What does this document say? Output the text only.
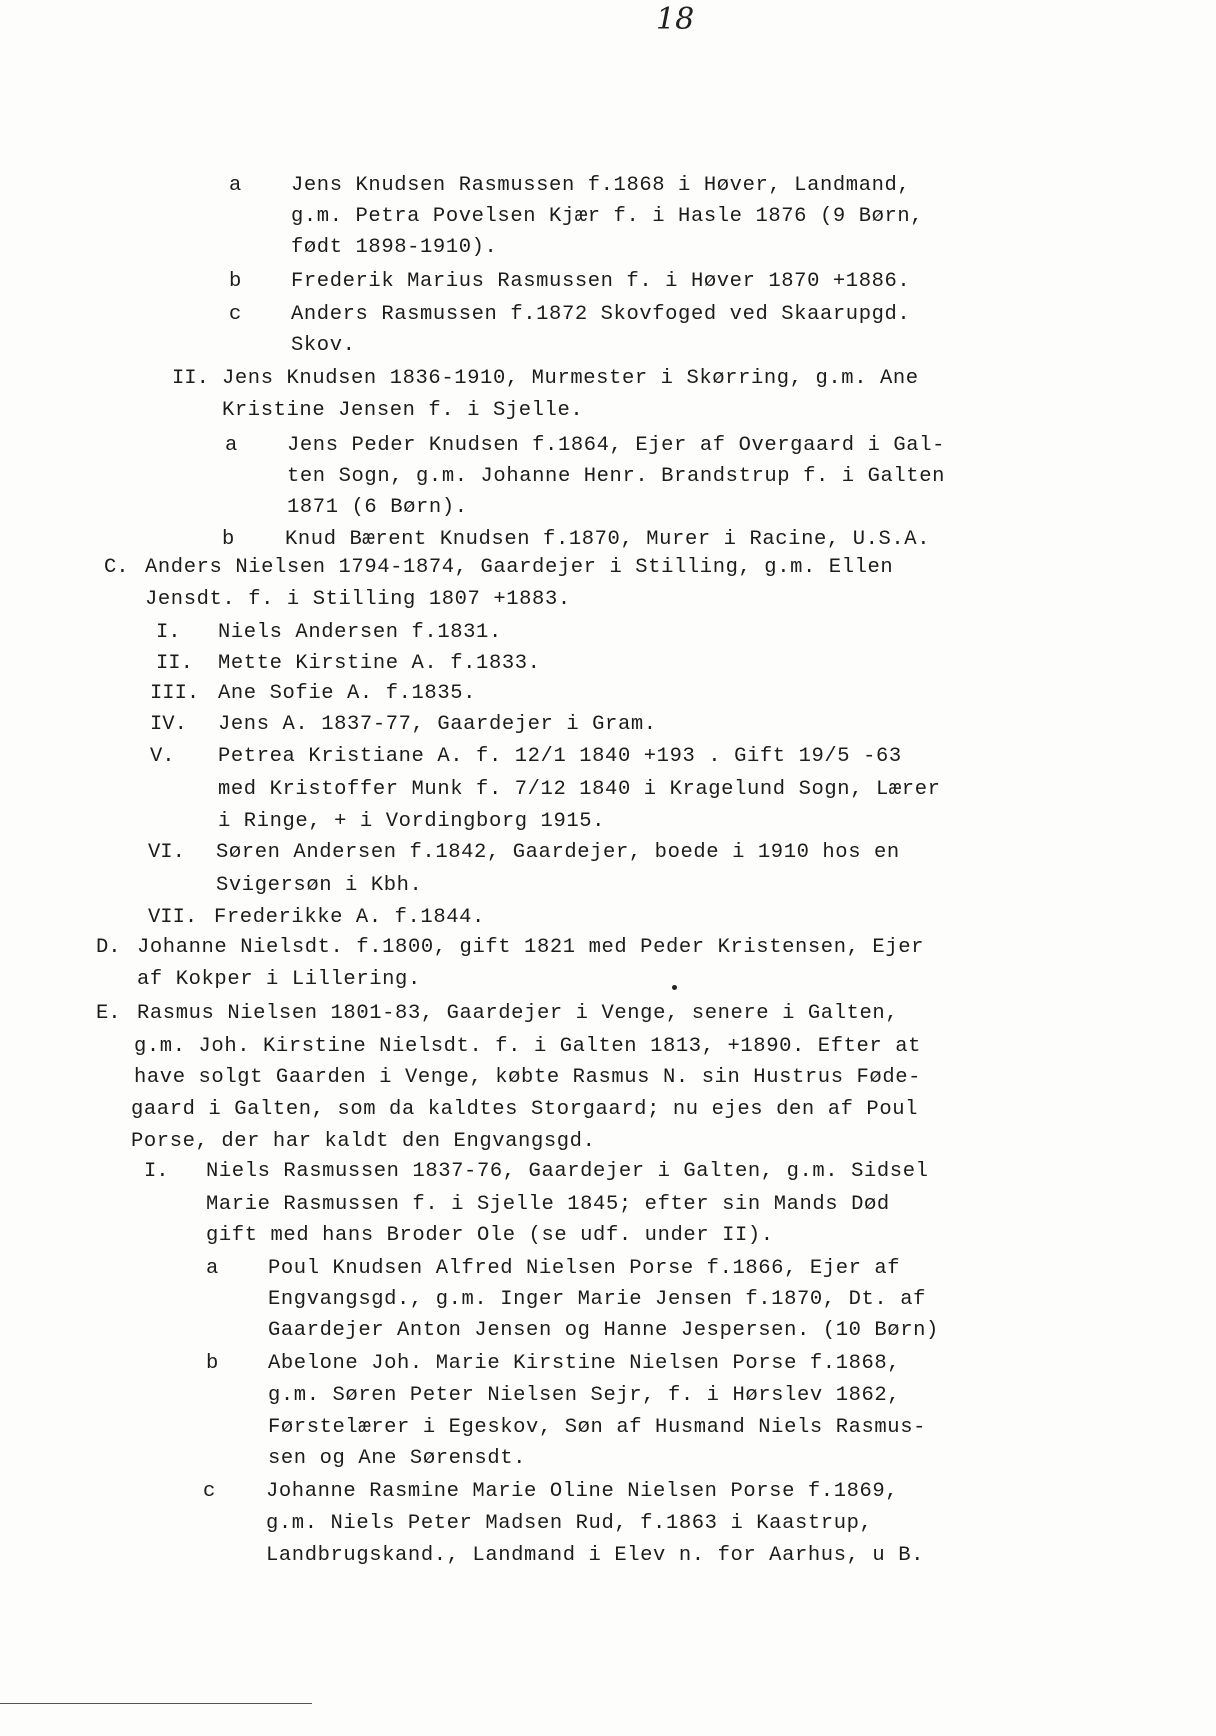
18
a Jens Knudsen Rasmussen f.1868 i Høver, Landmand,
g.m. Petra Povelsen Kjær f. i Hasle 1876 (9 Børn,
født 1898-1910).
b Frederik Marius Rasmussen f. i Høver 1870 +1886.
c Anders Rasmussen f.1872 Skovfoged ved Skaarupgd.
Skov.
II. Jens Knudsen 1836-1910, Murmester i Skørring, g.m. Ane
Kristine Jensen f. i Sjelle.
a Jens Peder Knudsen f.1864, Ejer af Overgaard i Gal-
ten Sogn, g.m. Johanne Henr. Brandstrup f. i Galten
1871 (6 Børn).
b Knud Bærent Knudsen f.1870, Murer i Racine, U.S.A.
C. Anders Nielsen 1794-1874, Gaardejer i Stilling, g.m. Ellen
Jensdt. f. i Stilling 1807 +1883.
I. Niels Andersen f.1831.
II. Mette Kirstine A. f.1833.
III. Ane Sofie A. f.1835.
IV. Jens A. 1837-77, Gaardejer i Gram.
V. Petrea Kristiane A. f. 12/1 1840 +193 . Gift 19/5 -63
med Kristoffer Munk f. 7/12 1840 i Kragelund Sogn, Lærer
i Ringe, + i Vordingborg 1915.
VI. Søren Andersen f.1842, Gaardejer, boede i 1910 hos en
Svigersøn i Kbh.
VII. Frederikke A. f.1844.
D. Johanne Nielsdt. f.1800, gift 1821 med Peder Kristensen, Ejer
af Kokper i Lillering.
E. Rasmus Nielsen 1801-83, Gaardejer i Venge, senere i Galten,
g.m. Joh. Kirstine Nielsdt. f. i Galten 1813, +1890. Efter at
have solgt Gaarden i Venge, købte Rasmus N. sin Hustrus Føde-
gaard i Galten, som da kaldtes Storgaard; nu ejes den af Poul
Porse, der har kaldt den Engvangsgd.
I. Niels Rasmussen 1837-76, Gaardejer i Galten, g.m. Sidsel
Marie Rasmussen f. i Sjelle 1845; efter sin Mands Død
gift med hans Broder Ole (se udf. under II).
a Poul Knudsen Alfred Nielsen Porse f.1866, Ejer af
Engvangsgd., g.m. Inger Marie Jensen f.1870, Dt. af
Gaardejer Anton Jensen og Hanne Jespersen. (10 Børn)
b Abelone Joh. Marie Kirstine Nielsen Porse f.1868,
g.m. Søren Peter Nielsen Sejr, f. i Hørslev 1862,
Førstelærer i Egeskov, Søn af Husmand Niels Rasmus-
sen og Ane Sørensdt.
c Johanne Rasmine Marie Oline Nielsen Porse f.1869,
g.m. Niels Peter Madsen Rud, f.1863 i Kaastrup,
Landbrugskand., Landmand i Elev n. for Aarhus, u B.
